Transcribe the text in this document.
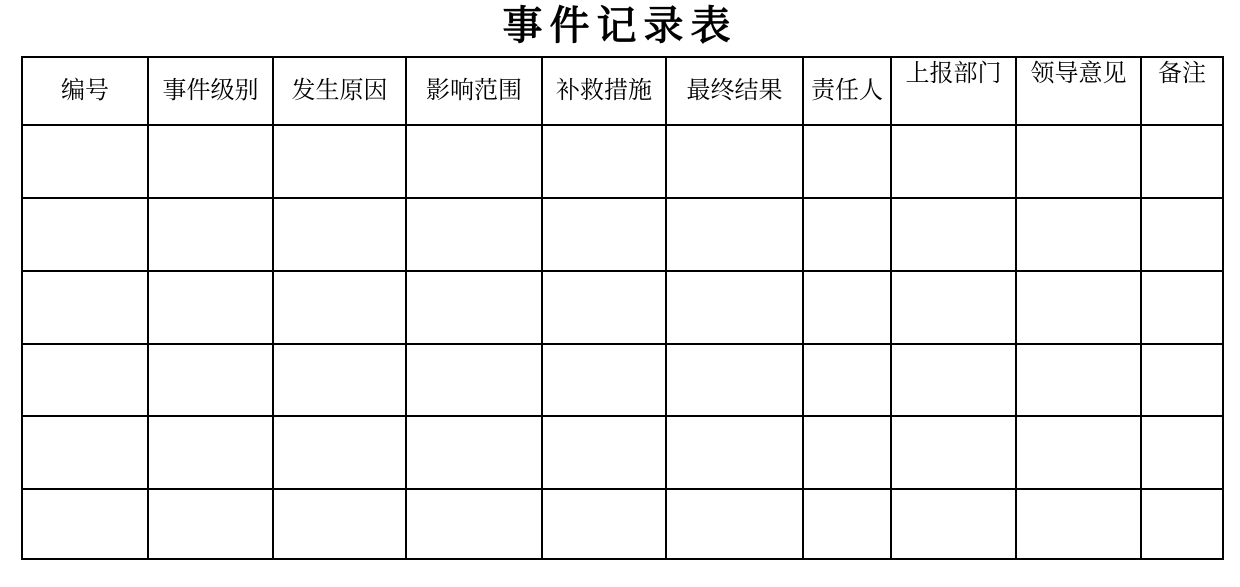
事件记录表
编号	事件级别	发生原因	影响范围	补救措施	最终结果	责任人	上报部门	领导意见	备注
